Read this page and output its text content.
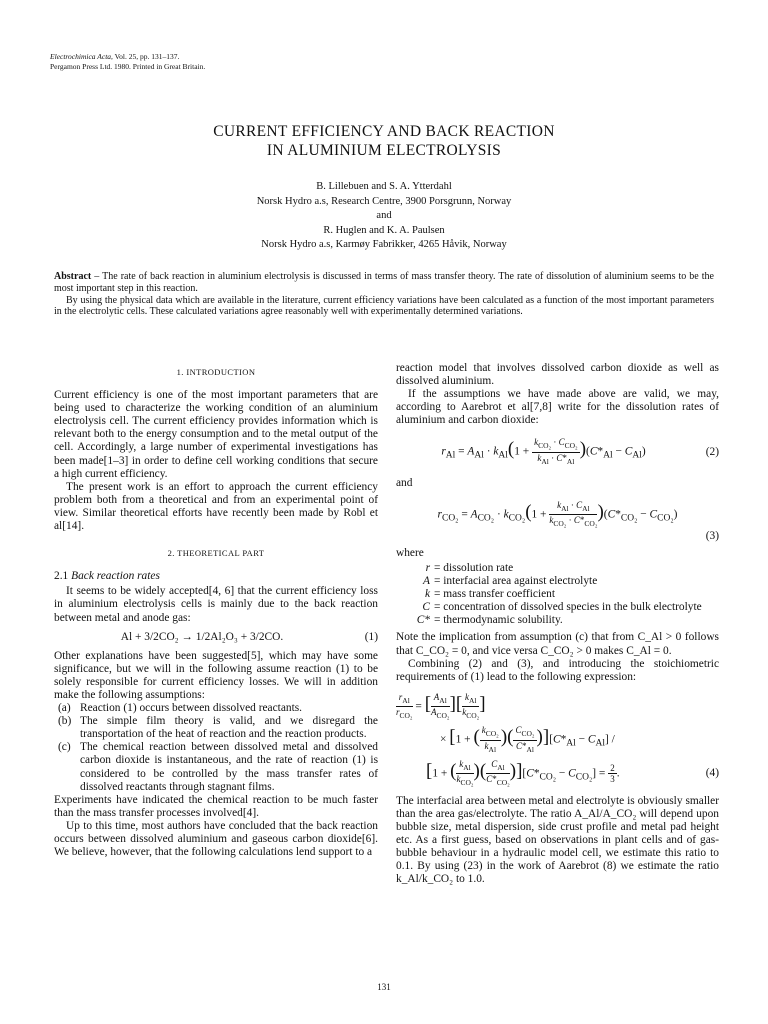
Electrochimica Acta, Vol. 25, pp. 131–137.
Pergamon Press Ltd. 1980. Printed in Great Britain.
CURRENT EFFICIENCY AND BACK REACTION
IN ALUMINIUM ELECTROLYSIS
B. Lillebuen and S. A. Ytterdahl
Norsk Hydro a.s, Research Centre, 3900 Porsgrunn, Norway
and
R. Huglen and K. A. Paulsen
Norsk Hydro a.s, Karmøy Fabrikker, 4265 Håvik, Norway

Abstract – The rate of back reaction in aluminium electrolysis is discussed in terms of mass transfer theory. The rate of dissolution of aluminium seems to be the most important step in this reaction.

By using the physical data which are available in the literature, current efficiency variations have been calculated as a function of the most important parameters in the electrolytic cells. These calculated variations agree reasonably well with experimentally determined variations.

1. INTRODUCTION

Current efficiency is one of the most important parameters that are being used to characterize the working condition of an aluminium electrolysis cell. The current efficiency provides information which is relevant both to the energy consumption and to the metal output of the cell. Accordingly, a large number of experimental investigations has been made[1–3] in order to define cell working conditions that secure a high current efficiency.

The present work is an effort to approach the current efficiency problem both from a theoretical and from an experimental point of view. Similar theoretical efforts have recently been made by Robl et al[14].

2. THEORETICAL PART
2.1 Back reaction rates

It seems to be widely accepted[4, 6] that the current efficiency loss in aluminium electrolysis cells is mainly due to the back reaction between metal and anode gas:

Al + 3/2CO₂ → 1/2Al₂O₃ + 3/2CO.	(1)

Other explanations have been suggested[5], which may have some significance, but we will in the following assume reaction (1) to be solely responsible for current efficiency losses. We will in addition make the following assumptions:

(a) Reaction (1) occurs between dissolved reactants.
(b) The simple film theory is valid, and we disregard the transportation of the heat of reaction and the reaction products.
(c) The chemical reaction between dissolved metal and dissolved carbon dioxide is instantaneous, and the rate of reaction (1) is considered to be controlled by the mass transfer rates of dissolved reactants through stagnant films.

Experiments have indicated the chemical reaction to be much faster than the mass transfer processes involved[4].

Up to this time, most authors have concluded that the back reaction occurs between dissolved aluminium and gaseous carbon dioxide[6]. We believe, however, that the following calculations lend support to a

reaction model that involves dissolved carbon dioxide as well as dissolved aluminium.

If the assumptions we have made above are valid, we may, according to Aarebrot et al[7,8] write for the dissolution rates of aluminium and carbon dioxide:

$r_{Al} = A_{Al} \cdot k_{Al}(1$ +
$k_{CO_2} \cdot C_{CO_2}$
$k_{Al} \cdot C*_{Al}$
)$(C*_{Al} - C_{Al})$	(2)
and
$r_{CO_2} = A_{CO_2} \cdot k_{CO_2}(1$ +
$k_{Al} \cdot C_{Al}$
$k_{CO_2} \cdot C*_{CO_2}$
)$(C*_{CO_2} - C_{CO_2})$
(3)
where
r = dissolution rate
A = interfacial area against electrolyte
k = mass transfer coefficient
C = concentration of dissolved species in the bulk electrolyte
C* = thermodynamic solubility.

Note the implication from assumption (c) that from C_Al > 0 follows that C_CO₂ = 0, and vice versa C_CO₂ > 0 makes C_Al = 0.

Combining (2) and (3), and introducing the stoichiometric requirements of (1) lead to the following expression:

$r_{Al}$
$r_{CO_2}$
= [ $A_{Al}$
$A_{CO_2}$
][ $k_{Al}$
$k_{CO_2}$
]
× [1 + ( $k_{CO_2}$
$k_{Al}$
)( $C_{CO_2}$
$C*_{Al}$
)]$[C*_{Al} - C_{Al}]$ /
[1 + ( $k_{Al}$
$k_{CO_2}$
)( $C_{Al}$
$C*_{CO_2}$
)]$[C*_{CO_2} - C_{CO_2}] = \frac{2}{3}$ .	(4)

The interfacial area between metal and electrolyte is obviously smaller than the area gas/electrolyte. The ratio A_Al/A_CO₂ will depend upon bubble size, metal dispersion, side crust profile and metal pad height etc. As a first guess, based on observations in plant cells and of gas-bubble behaviour in a hydraulic model cell, we estimate this ratio to 0.1. By using (23) in the work of Aarebrot (8) we estimate the ratio k_Al/k_CO₂ to 1.0.

131
